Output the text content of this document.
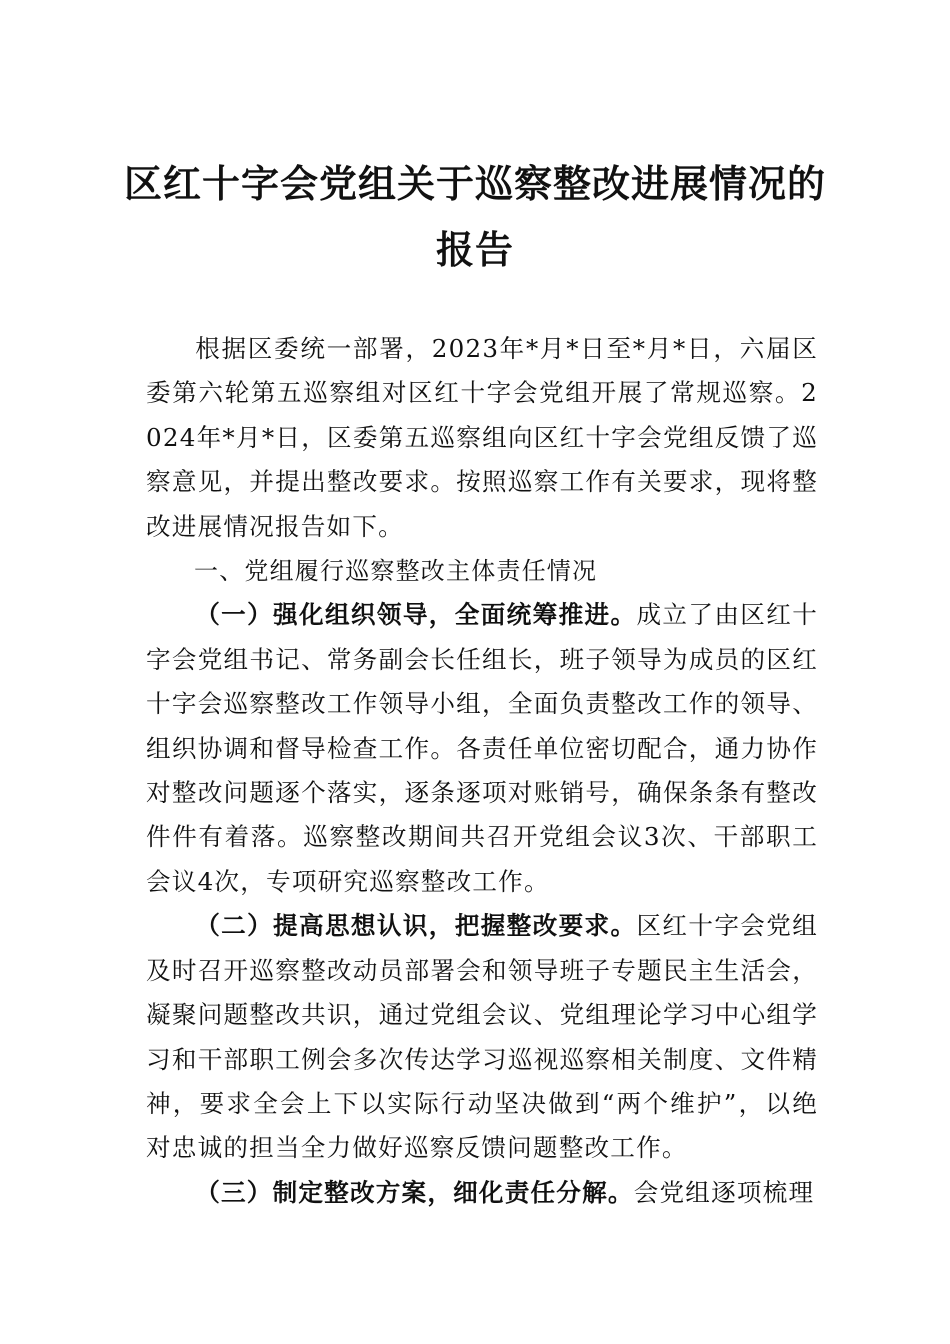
区红十字会党组关于巡察整改进展情况的
报告

根据区委统一部署，2023年*月*日至*月*日，六届区委第六轮第五巡察组对区红十字会党组开展了常规巡察。2024年*月*日，区委第五巡察组向区红十字会党组反馈了巡察意见，并提出整改要求。按照巡察工作有关要求，现将整改进展情况报告如下。

一、党组履行巡察整改主体责任情况

（一）强化组织领导，全面统筹推进。成立了由区红十字会党组书记、常务副会长任组长，班子领导为成员的区红十字会巡察整改工作领导小组，全面负责整改工作的领导、组织协调和督导检查工作。各责任单位密切配合，通力协作对整改问题逐个落实，逐条逐项对账销号，确保条条有整改件件有着落。巡察整改期间共召开党组会议3次、干部职工会议4次，专项研究巡察整改工作。

（二）提高思想认识，把握整改要求。区红十字会党组及时召开巡察整改动员部署会和领导班子专题民主生活会，凝聚问题整改共识，通过党组会议、党组理论学习中心组学习和干部职工例会多次传达学习巡视巡察相关制度、文件精神，要求全会上下以实际行动坚决做到“两个维护”，以绝对忠诚的担当全力做好巡察反馈问题整改工作。

（三）制定整改方案，细化责任分解。会党组逐项梳理
